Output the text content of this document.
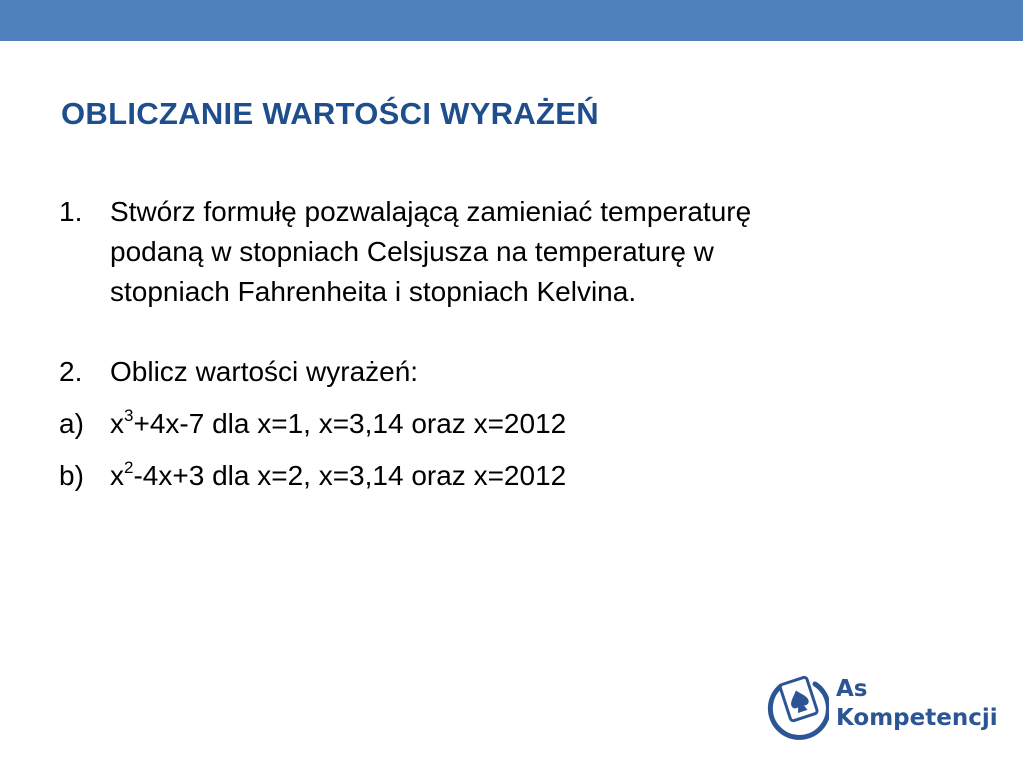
OBLICZANIE WARTOŚCI WYRAŻEŃ
1. Stwórz formułę pozwalającą zamieniać temperaturę
podaną w stopniach Celsjusza na temperaturę w
stopniach Fahrenheita i stopniach Kelvina.
2. Oblicz wartości wyrażeń:
a) $x^3+4x-7$ dla x=1, x=3,14 oraz x=2012
b) $x^2-4x+3$ dla x=2, x=3,14 oraz x=2012
As
Kompetencji
